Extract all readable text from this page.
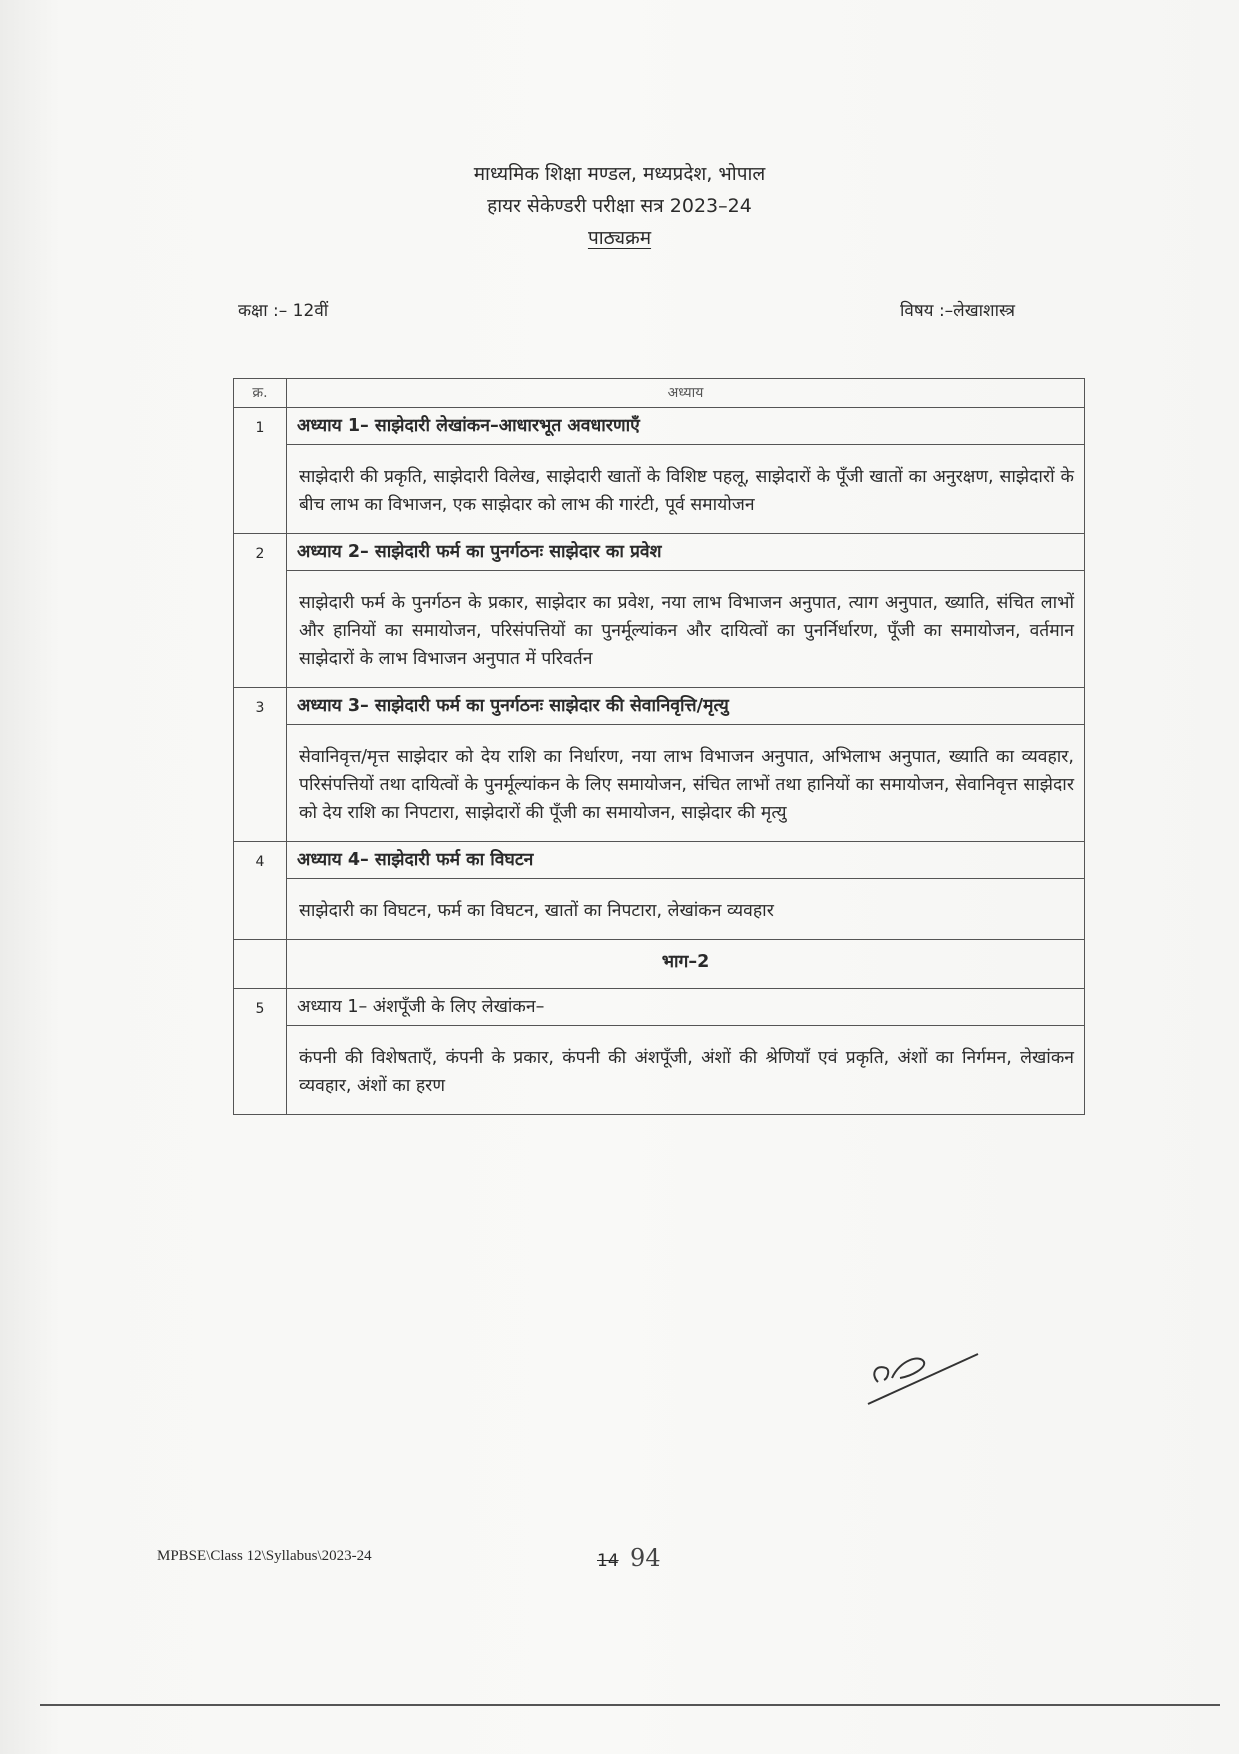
माध्यमिक शिक्षा मण्डल, मध्यप्रदेश, भोपाल
हायर सेकेण्डरी परीक्षा सत्र 2023–24
पाठ्यक्रम
कक्षा :– 12वीं	विषय :–लेखाशास्त्र
क्र.	अध्याय
1	अध्याय 1– साझेदारी लेखांकन–आधारभूत अवधारणाएँ
साझेदारी की प्रकृति, साझेदारी विलेख, साझेदारी खातों के विशिष्ट पहलू, साझेदारों के पूँजी खातों का अनुरक्षण, साझेदारों के बीच लाभ का विभाजन, एक साझेदार को लाभ की गारंटी, पूर्व समायोजन

2	अध्याय 2– साझेदारी फर्म का पुनर्गठनः साझेदार का प्रवेश
साझेदारी फर्म के पुनर्गठन के प्रकार, साझेदार का प्रवेश, नया लाभ विभाजन अनुपात, त्याग अनुपात, ख्याति, संचित लाभों और हानियों का समायोजन, परिसंपत्तियों का पुनर्मूल्यांकन और दायित्वों का पुनर्निर्धारण, पूँजी का समायोजन, वर्तमान साझेदारों के लाभ विभाजन अनुपात में परिवर्तन

3	अध्याय 3– साझेदारी फर्म का पुनर्गठनः साझेदार की सेवानिवृत्ति/मृत्यु
सेवानिवृत्त/मृत्त साझेदार को देय राशि का निर्धारण, नया लाभ विभाजन अनुपात, अभिलाभ अनुपात, ख्याति का व्यवहार, परिसंपत्तियों तथा दायित्वों के पुनर्मूल्यांकन के लिए समायोजन, संचित लाभों तथा हानियों का समायोजन, सेवानिवृत्त साझेदार को देय राशि का निपटारा, साझेदारों की पूँजी का समायोजन, साझेदार की मृत्यु

4	अध्याय 4– साझेदारी फर्म का विघटन
साझेदारी का विघटन, फर्म का विघटन, खातों का निपटारा, लेखांकन व्यवहार

	भाग–2

5	अध्याय 1– अंशपूँजी के लिए लेखांकन–
कंपनी की विशेषताएँ, कंपनी के प्रकार, कंपनी की अंशपूँजी, अंशों की श्रेणियाँ एवं प्रकृति, अंशों का निर्गमन, लेखांकन व्यवहार, अंशों का हरण
MPBSE\Class 12\Syllabus\2023-24	14 94
